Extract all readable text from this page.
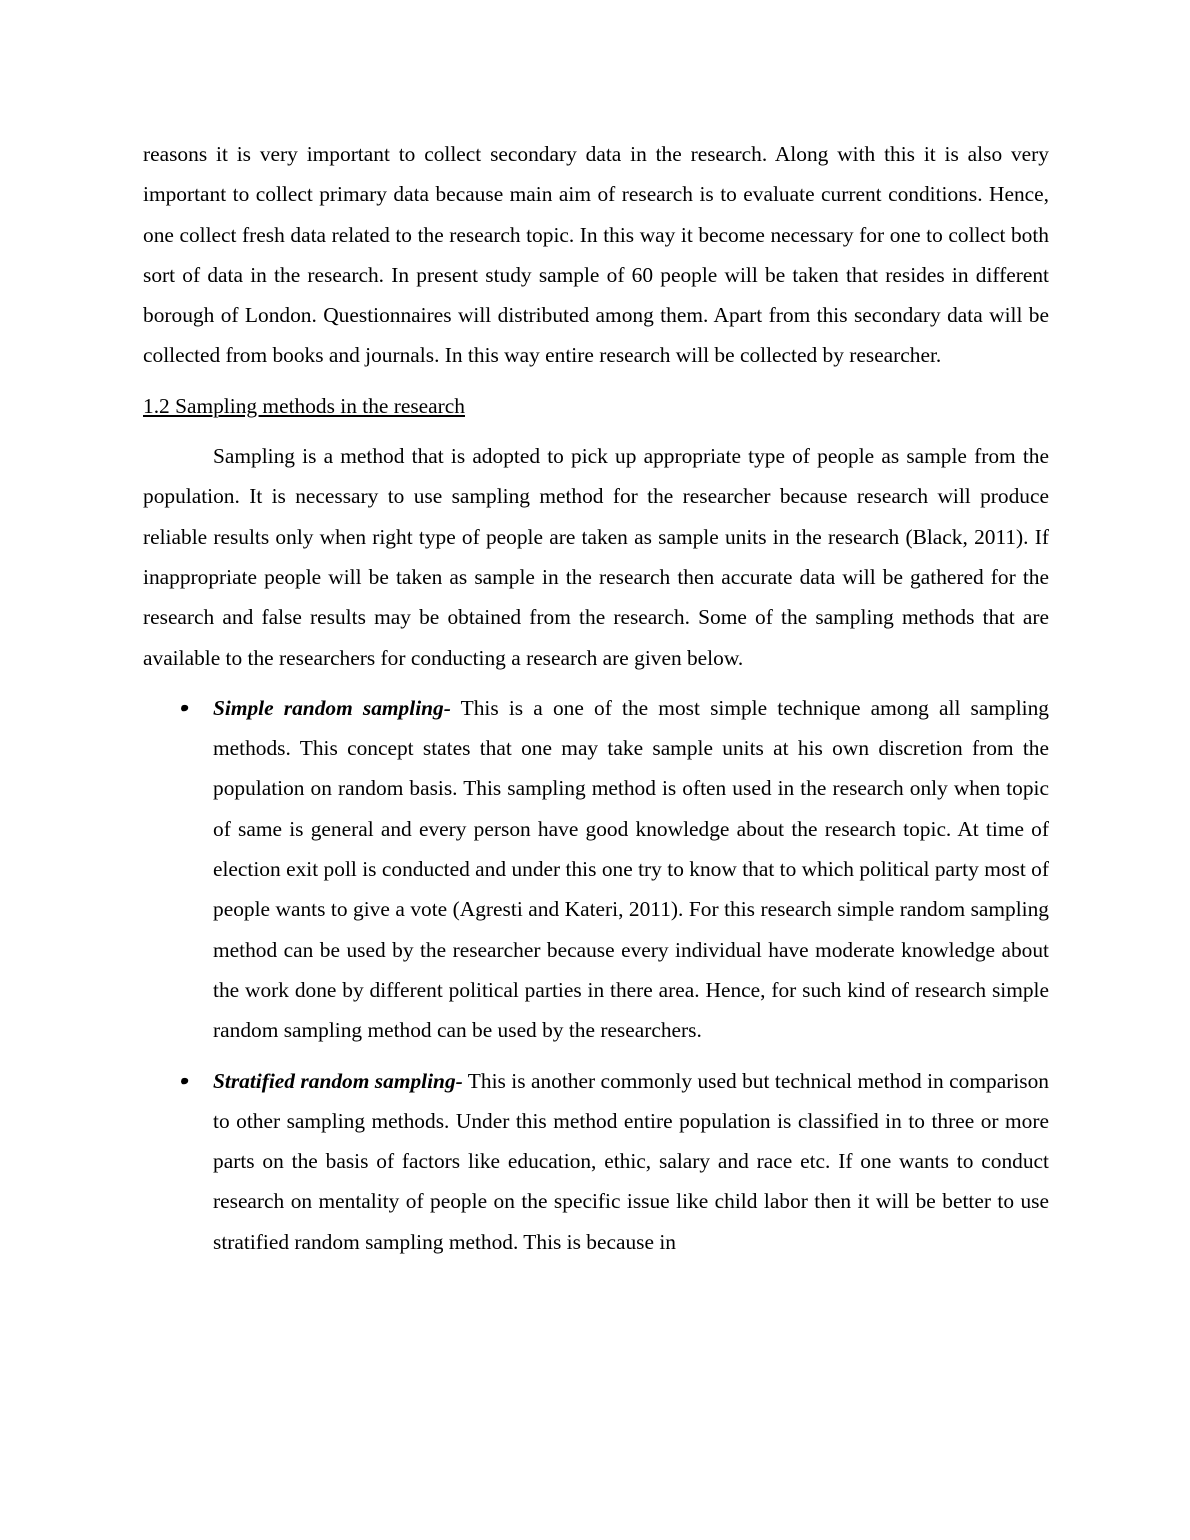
reasons it is very important to collect secondary data in the research. Along with this it is also very important to collect primary data because main aim of research is to evaluate current conditions. Hence, one collect fresh data related to the research topic. In this way it become necessary for one to collect both sort of data in the research. In present study sample of 60 people will be taken that resides in different borough of London. Questionnaires will distributed among them. Apart from this secondary data will be collected from books and journals. In this way entire research will be collected by researcher.

1.2 Sampling methods in the research

Sampling is a method that is adopted to pick up appropriate type of people as sample from the population. It is necessary to use sampling method for the researcher because research will produce reliable results only when right type of people are taken as sample units in the research (Black, 2011). If inappropriate people will be taken as sample in the research then accurate data will be gathered for the research and false results may be obtained from the research. Some of the sampling methods that are available to the researchers for conducting a research are given below.

Simple random sampling- This is a one of the most simple technique among all sampling methods. This concept states that one may take sample units at his own discretion from the population on random basis. This sampling method is often used in the research only when topic of same is general and every person have good knowledge about the research topic. At time of election exit poll is conducted and under this one try to know that to which political party most of people wants to give a vote (Agresti and Kateri, 2011). For this research simple random sampling method can be used by the researcher because every individual have moderate knowledge about the work done by different political parties in there area. Hence, for such kind of research simple random sampling method can be used by the researchers.
Stratified random sampling- This is another commonly used but technical method in comparison to other sampling methods. Under this method entire population is classified in to three or more parts on the basis of factors like education, ethic, salary and race etc. If one wants to conduct research on mentality of people on the specific issue like child labor then it will be better to use stratified random sampling method. This is because in
